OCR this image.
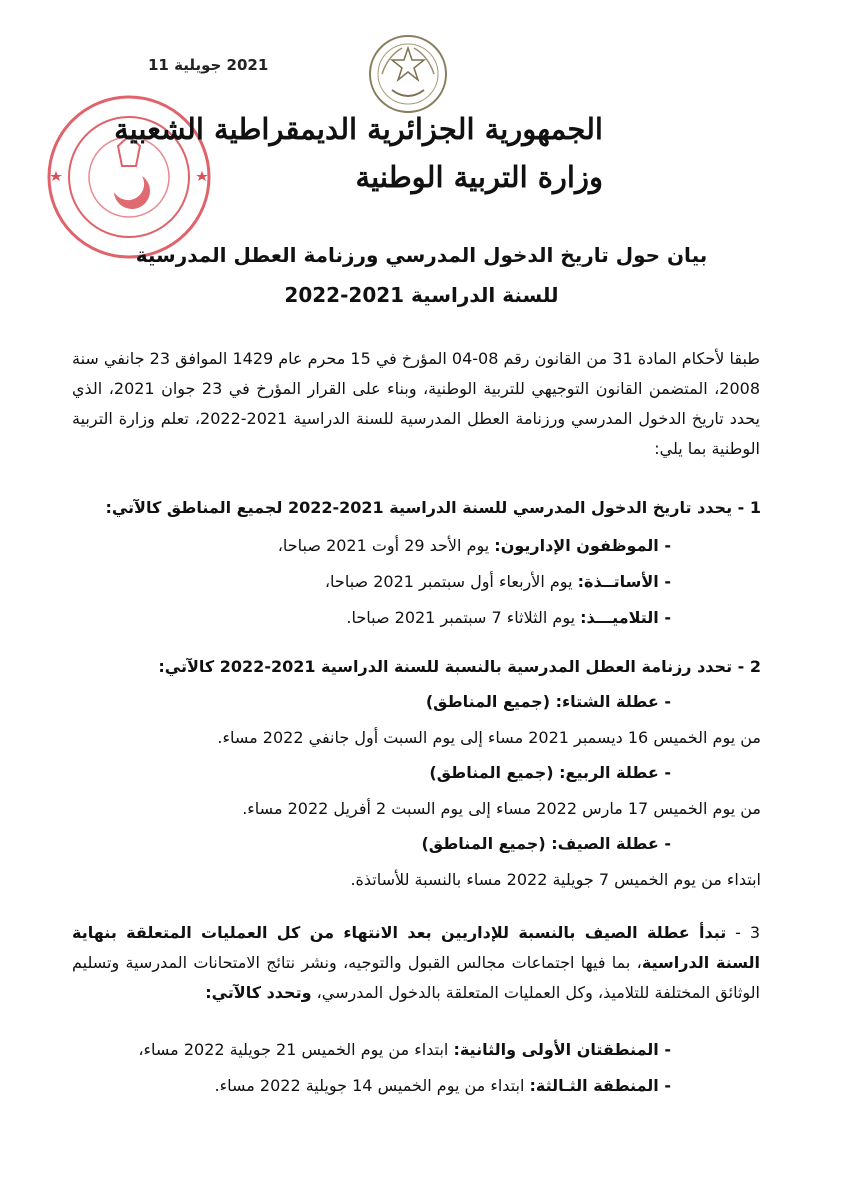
2021 جويلية 11
الجمهورية الجزائرية الديمقراطية الشعبية
وزارة التربية الوطنية
بيان حول تاريخ الدخول المدرسي ورزنامة العطل المدرسية
للسنة الدراسية 2021-2022
طبقا لأحكام المادة 31 من القانون رقم 08-04 المؤرخ في 15 محرم عام 1429 الموافق 23 جانفي سنة 2008، المتضمن القانون التوجيهي للتربية الوطنية، وبناء على القرار المؤرخ في 23 جوان 2021، الذي يحدد تاريخ الدخول المدرسي ورزنامة العطل المدرسية للسنة الدراسية 2021-2022، تعلم وزارة التربية الوطنية بما يلي:
1 - يحدد تاريخ الدخول المدرسي للسنة الدراسية 2021-2022 لجميع المناطق كالآتي:
- الموظفون الإداريون: يوم الأحد 29 أوت 2021 صباحا،
- الأساتــذة: يوم الأربعاء أول سبتمبر 2021 صباحا،
- التلاميـــذ: يوم الثلاثاء 7 سبتمبر 2021 صباحا.
2 - تحدد رزنامة العطل المدرسية بالنسبة للسنة الدراسية 2021-2022 كالآتي:
- عطلة الشتاء: (جميع المناطق)
من يوم الخميس 16 ديسمبر 2021 مساء إلى يوم السبت أول جانفي 2022 مساء.
- عطلة الربيع: (جميع المناطق)
من يوم الخميس 17 مارس 2022 مساء إلى يوم السبت 2 أفريل 2022 مساء.
- عطلة الصيف: (جميع المناطق)
ابتداء من يوم الخميس 7 جويلية 2022 مساء بالنسبة للأساتذة.
3 - تبدأ عطلة الصيف بالنسبة للإداريين بعد الانتهاء من كل العمليات المتعلقة بنهاية السنة الدراسية، بما فيها اجتماعات مجالس القبول والتوجيه، ونشر نتائج الامتحانات المدرسية وتسليم الوثائق المختلفة للتلاميذ، وكل العمليات المتعلقة بالدخول المدرسي، وتحدد كالآتي:
- المنطقتان الأولى والثانية: ابتداء من يوم الخميس 21 جويلية 2022 مساء،
- المنطقة الثـالثة: ابتداء من يوم الخميس 14 جويلية 2022 مساء.
